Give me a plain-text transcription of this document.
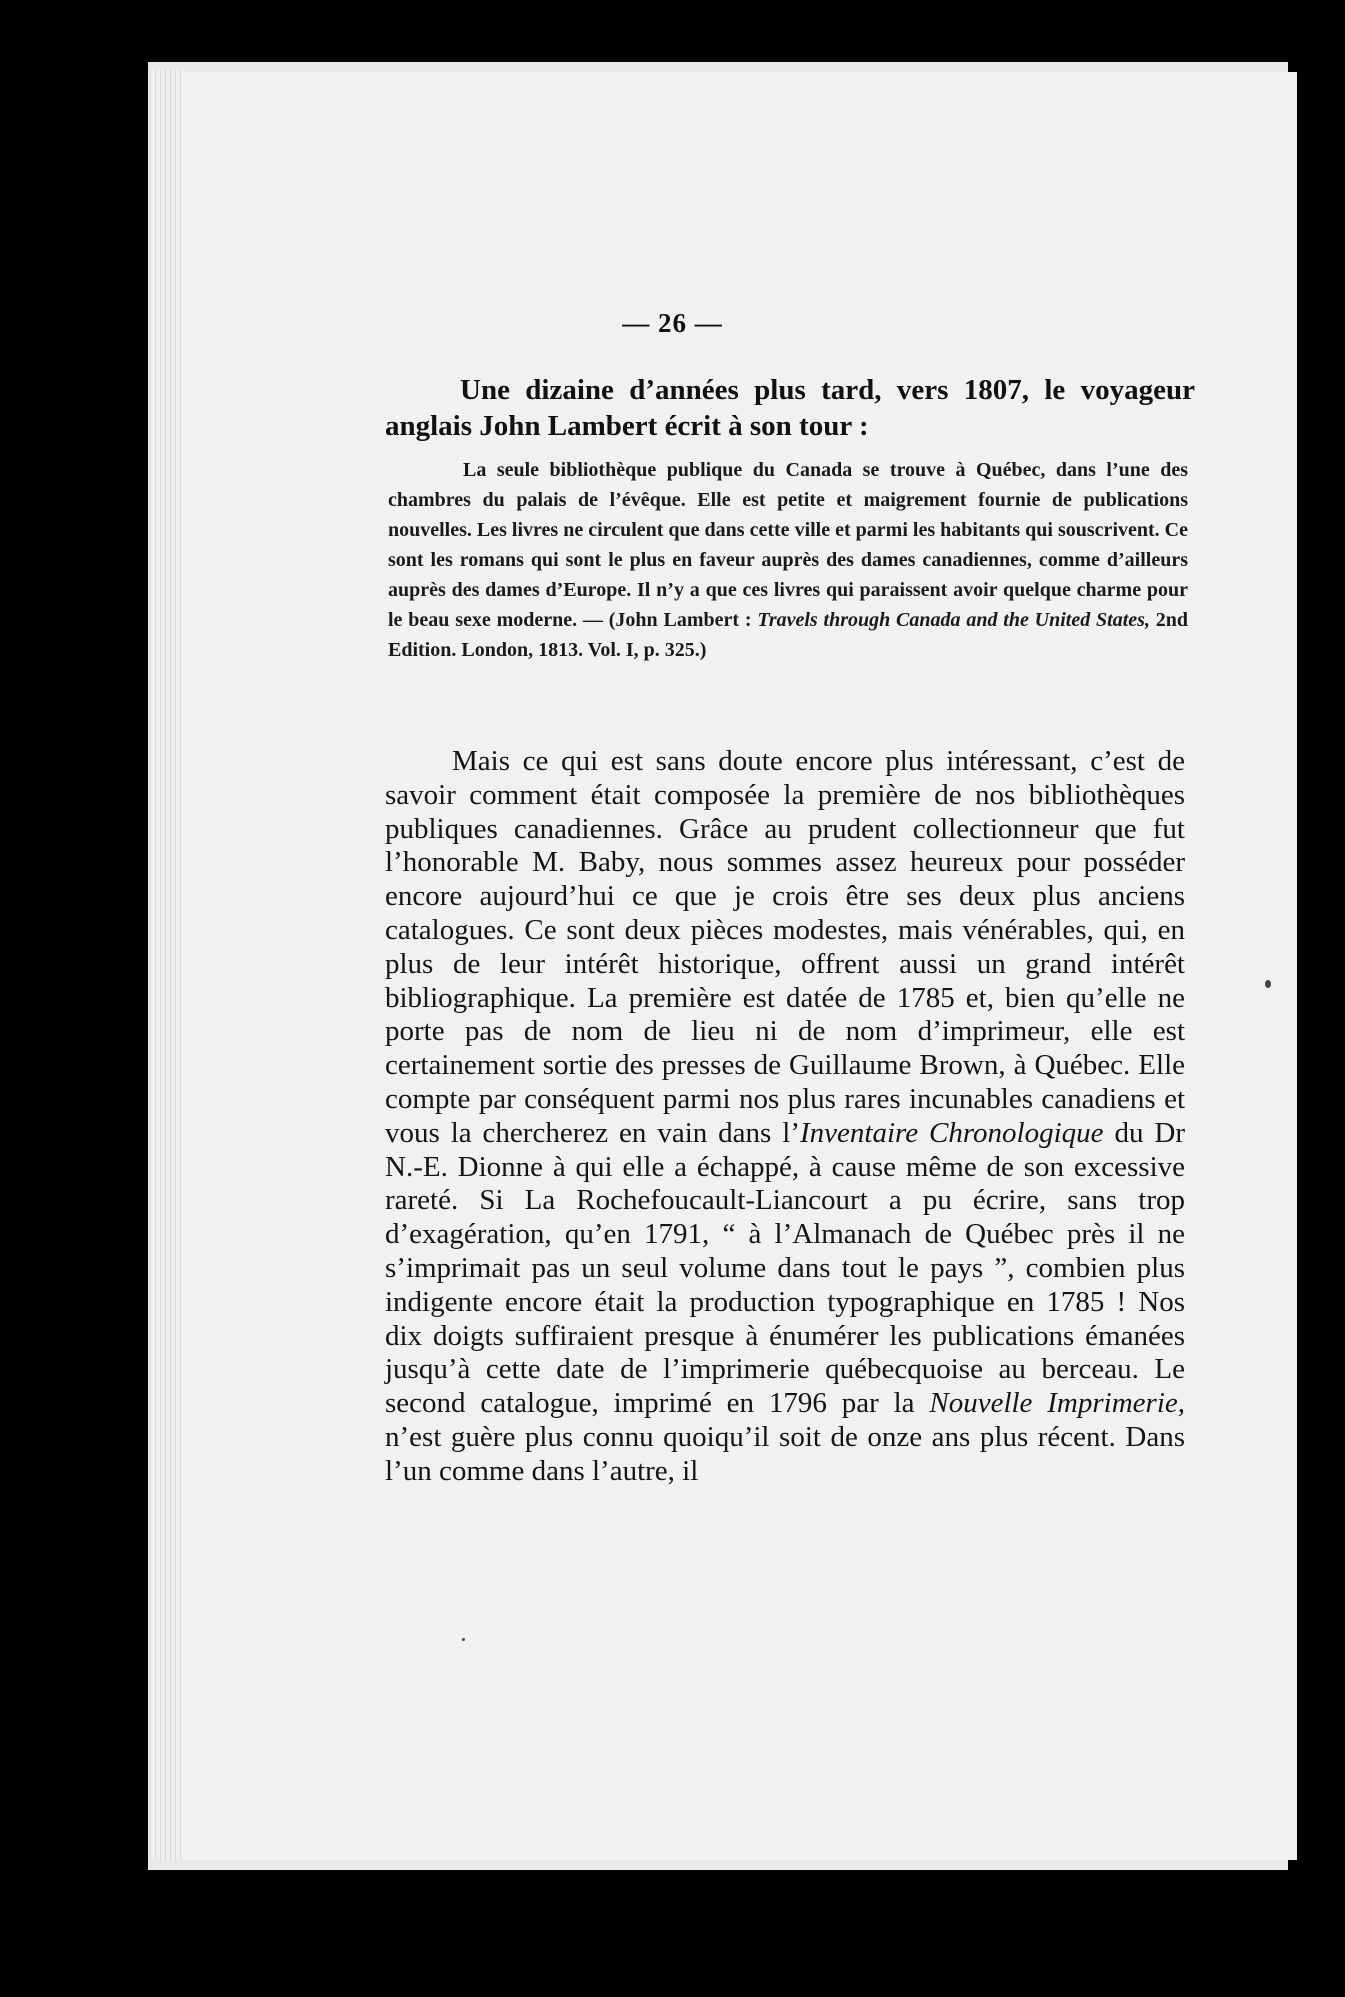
— 26 —

Une dizaine d’années plus tard, vers 1807, le voyageur anglais John Lambert écrit à son tour :

La seule bibliothèque publique du Canada se trouve à Québec, dans l’une des chambres du palais de l’évêque. Elle est petite et maigrement fournie de publications nouvelles. Les livres ne circulent que dans cette ville et parmi les habitants qui souscrivent. Ce sont les romans qui sont le plus en faveur auprès des dames canadiennes, comme d’ailleurs auprès des dames d’Europe. Il n’y a que ces livres qui paraissent avoir quelque charme pour le beau sexe moderne. — (John Lambert : Travels through Canada and the United States, 2nd Edition. London, 1813. Vol. I, p. 325.)

Mais ce qui est sans doute encore plus intéressant, c’est de savoir comment était composée la première de nos bibliothèques publiques canadiennes. Grâce au prudent collectionneur que fut l’honorable M. Baby, nous sommes assez heureux pour posséder encore aujourd’hui ce que je crois être ses deux plus anciens catalogues. Ce sont deux pièces modestes, mais vénérables, qui, en plus de leur intérêt historique, offrent aussi un grand intérêt bibliographique. La première est datée de 1785 et, bien qu’elle ne porte pas de nom de lieu ni de nom d’imprimeur, elle est certainement sortie des presses de Guillaume Brown, à Québec. Elle compte par conséquent parmi nos plus rares incunables canadiens et vous la chercherez en vain dans l’Inventaire Chronologique du Dr N.-E. Dionne à qui elle a échappé, à cause même de son excessive rareté. Si La Rochefoucault-Liancourt a pu écrire, sans trop d’exagération, qu’en 1791, “ à l’Almanach de Québec près il ne s’imprimait pas un seul volume dans tout le pays ”, combien plus indigente encore était la production typographique en 1785 ! Nos dix doigts suffiraient presque à énumérer les publications émanées jusqu’à cette date de l’imprimerie québecquoise au berceau. Le second catalogue, imprimé en 1796 par la Nouvelle Imprimerie, n’est guère plus connu quoiqu’il soit de onze ans plus récent. Dans l’un comme dans l’autre, il
